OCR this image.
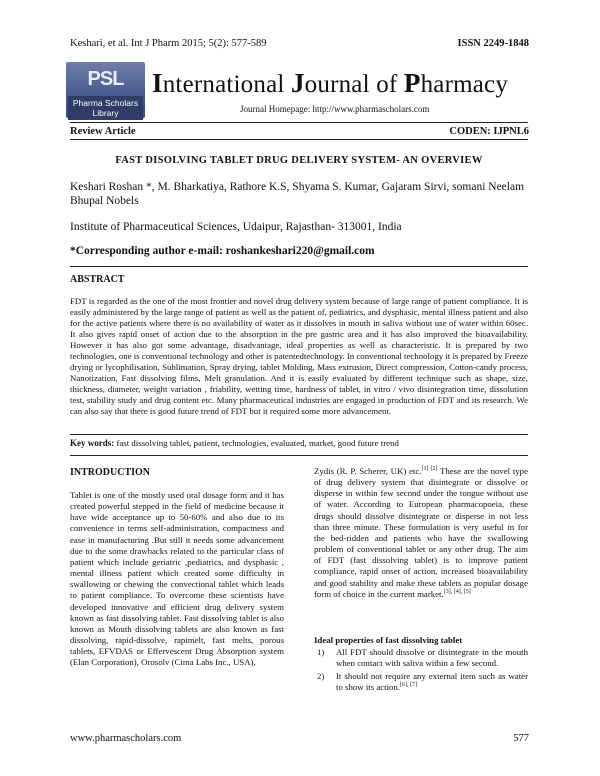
Keshari, et al. Int J Pharm 2015; 5(2): 577-589	ISSN 2249-1848
PSL
Pharma Scholars Library
International Journal of Pharmacy
Journal Homepage: http://www.pharmascholars.com
Review Article	CODEN: IJPNL6
FAST DISOLVING TABLET DRUG DELIVERY SYSTEM- AN OVERVIEW
Keshari Roshan *, M. Bharkatiya, Rathore K.S, Shyama S. Kumar, Gajaram Sirvi, somani Neelam Bhupal Nobels
Institute of Pharmaceutical Sciences, Udaipur, Rajasthan- 313001, India
*Corresponding author e-mail: roshankeshari220@gmail.com
ABSTRACT
FDT is regarded as the one of the most frontier and novel drug delivery system because of large range of patient compliance. It is easily administered by the large range of patient as well as the patient of, pediatrics, and dysphasic, mental illness patient and also for the active patients where there is no availability of water as it dissolves in mouth in saliva without use of water within 60sec. It also gives rapid onset of action due to the absorption in the pre gastric area and it has also improved the bioavailability. However it has also got some advantage, disadvantage, ideal properties as well as characteristic. It is prepared by two technologies, one is conventional technology and other is patentedtechnology. In conventional technology it is prepared by Freeze drying or lycophilisation, Sublimation, Spray drying, tablet Molding, Mass extrusion, Direct compression, Cotton-candy process, Nanotization, Fast dissolving films, Melt granulation. And it is easily evaluated by different technique such as shape, size, thickness, diameter, weight variation , friability, wetting time, hardness of tablet, in vitro / vivo disintegration time, dissolution test, stability study and drug content etc. Many pharmaceutical industries are engaged in production of FDT and its research. We can also say that there is good future trend of FDT but it required some more advancement.
Key words: fast dissolving tablet, patient, technologies, evaluated, market, good future trend
INTRODUCTION
Tablet is one of the mostly used oral dosage form and it has created powerful stepped in the field of medicine because it have wide acceptance up to 50-60% and also due to its convenience in terms self-administration, compactness and ease in manufacturing .But still it needs some advancement due to the some drawbacks related to the particular class of patient which include geriatric ,pediatrics, and dysphasic , mental illness patient which created some difficulty in swallowing or chewing the convectional tablet which leads to patient compliance. To overcome these scientists have developed innovative and efficient drug delivery system known as fast dissolving tablet. Fast dissolving tablet is also known as Mouth dissolving tablets are also known as fast dissolving, rapid-dissolve, rapimelt, fast melts, porous tablets, EFVDAS or Effervescent Drug Absorption system (Elan Corporation), Orosolv (Cima Labs Inc., USA),
Zydis (R. P. Scherer, UK) etc.[1] [2] These are the novel type of drug delivery system that disintegrate or dissolve or disperse in within few second under the tongue without use of water. According to European pharmacopoeia, these drugs should dissolve disintegrate or disperse in not less than three minute. These formulation is very useful in for the bed-ridden and patients who have the swallowing problem of conventional tablet or any other drug. The aim of FDT (fast dissolving tablet) is to improve patient compliance, rapid onset of action, increased bioavailability and good stability and make these tablets as popular dosage form of choice in the current market.[3], [4], [5]
Ideal properties of fast dissolving tablet
1) All FDT should dissolve or disintegrate in the mouth when contact with saliva within a few second.
2) It should not require any external item such as water to show its action.[6], [7]
www.pharmascholars.com	577
